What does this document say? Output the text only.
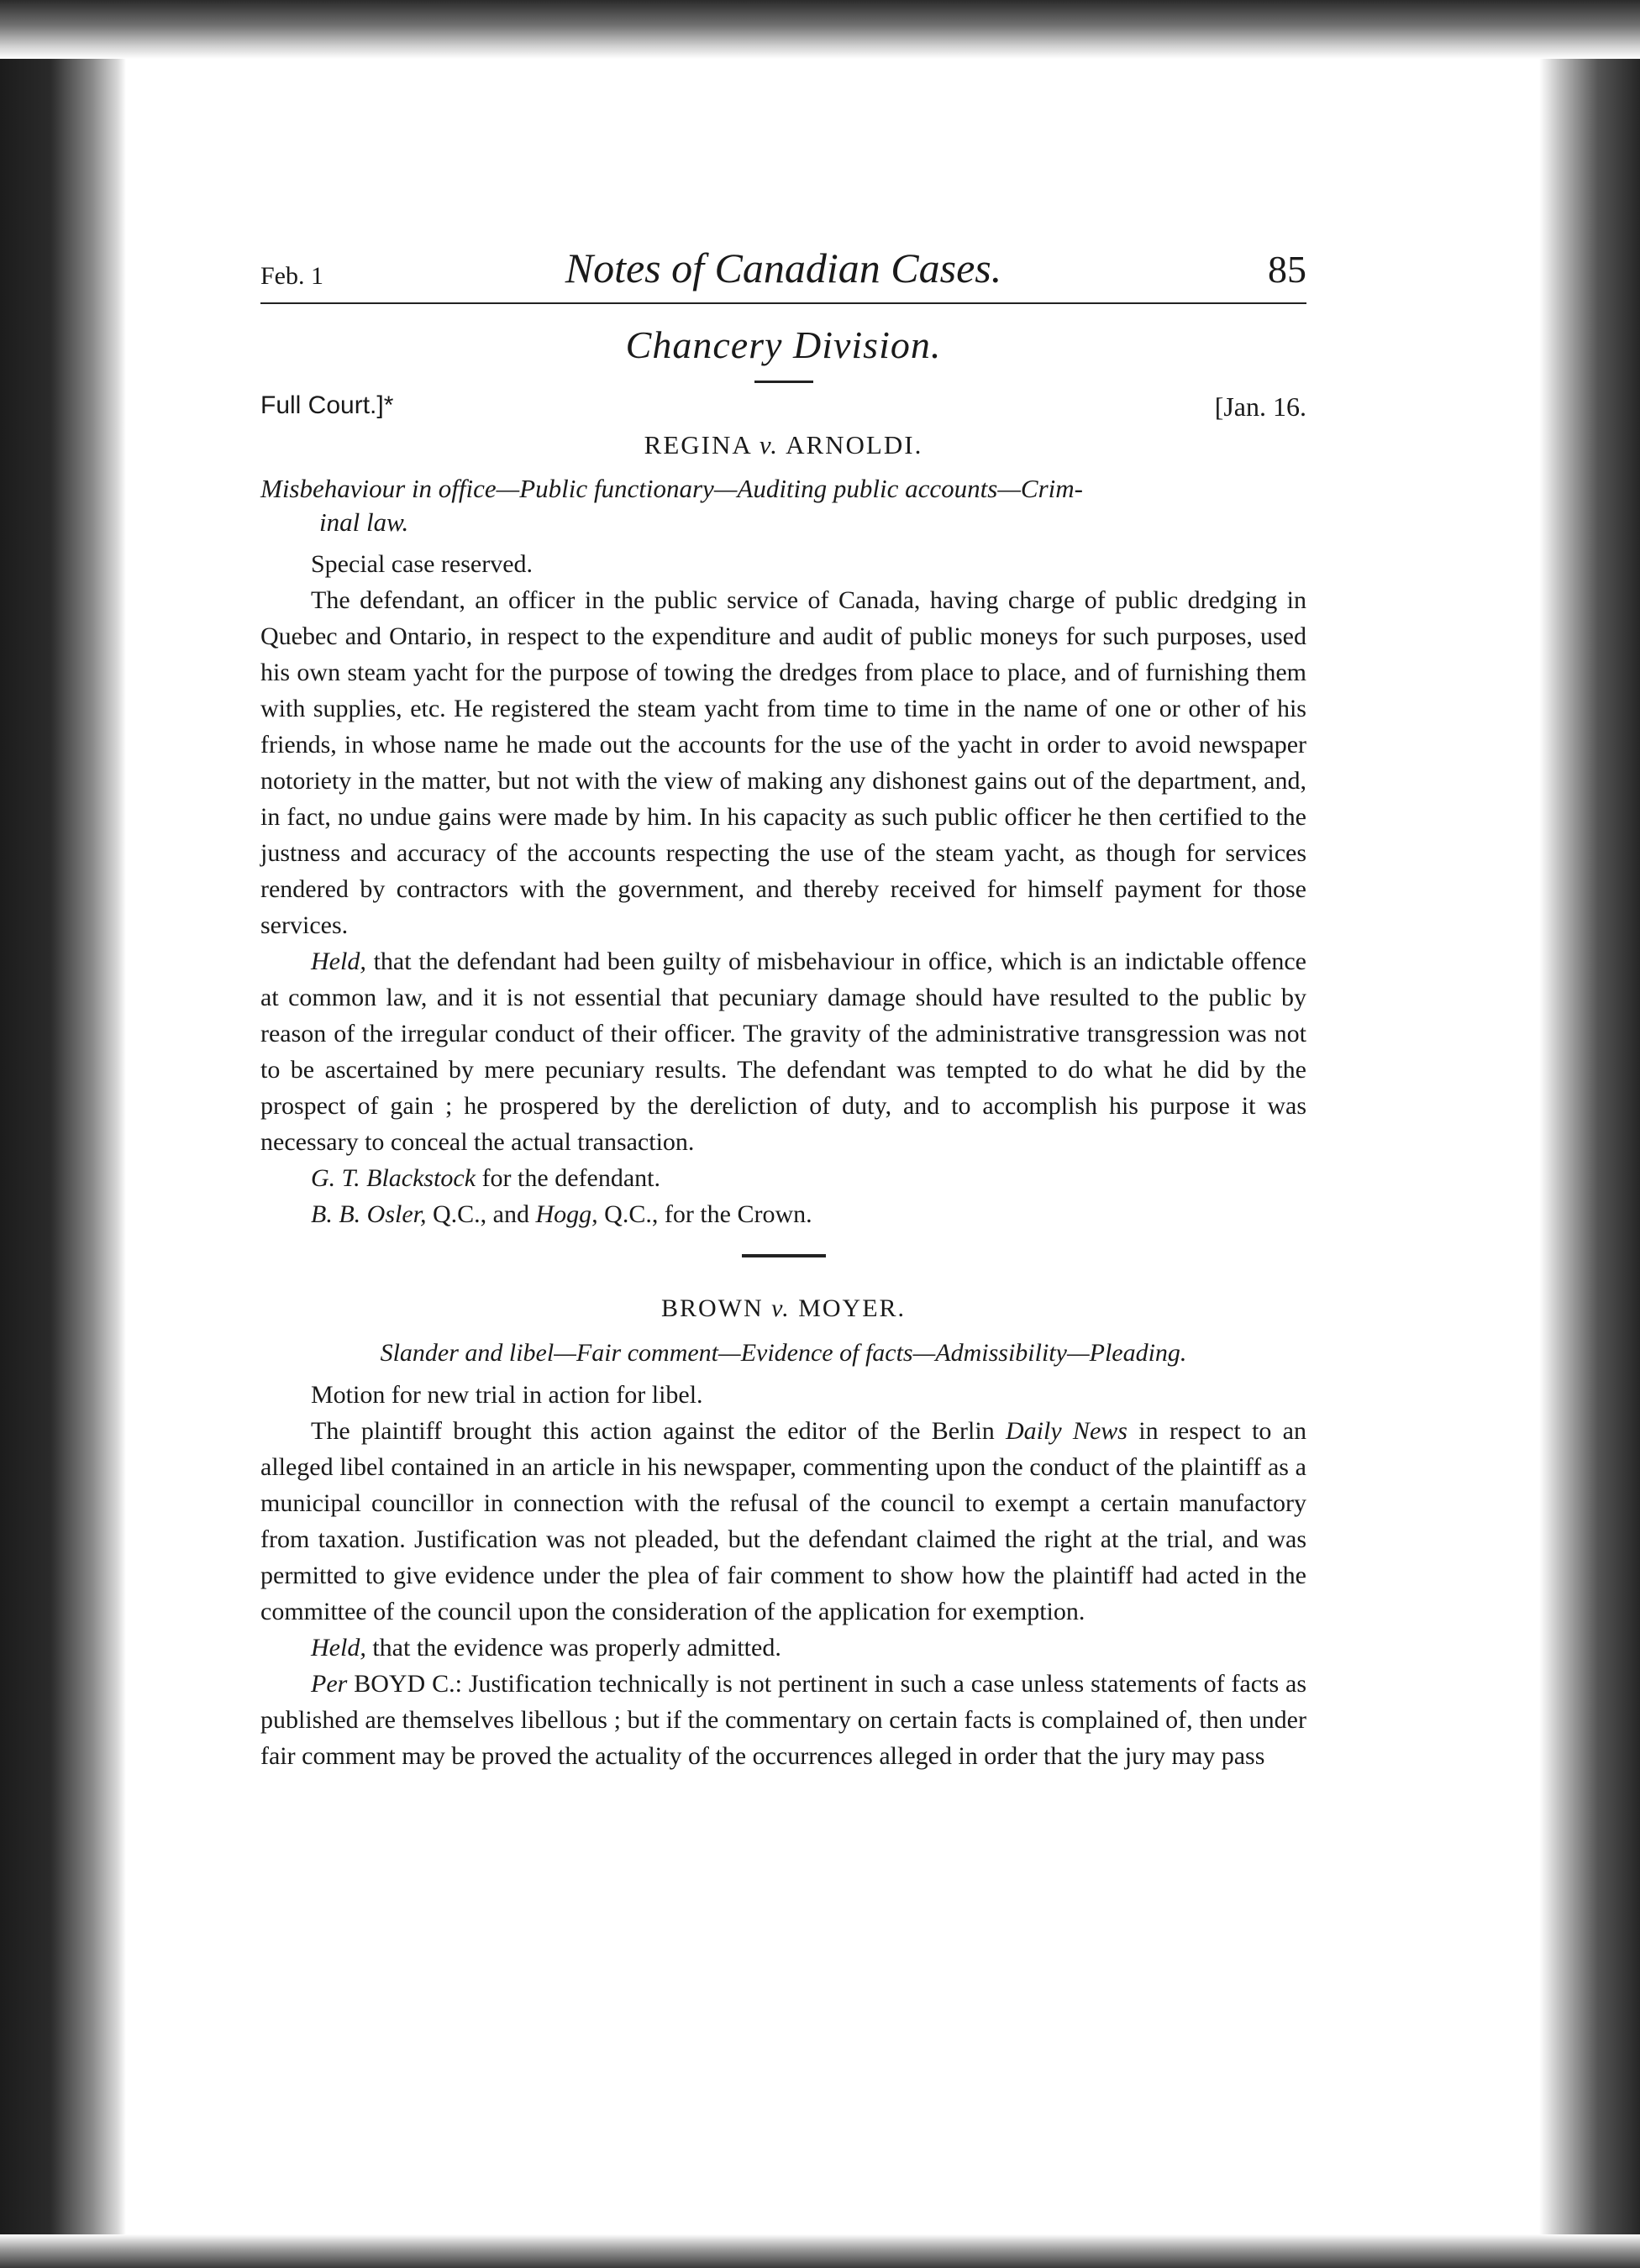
Feb. 1	Notes of Canadian Cases.	85
Chancery Division.
Full Court.]*	[Jan. 16.
REGINA v. ARNOLDI.
Misbehaviour in office—Public functionary—Auditing public accounts—Crim-
inal law.

Special case reserved.

The defendant, an officer in the public service of Canada, having charge of public dredging in Quebec and Ontario, in respect to the expenditure and audit of public moneys for such purposes, used his own steam yacht for the purpose of towing the dredges from place to place, and of furnishing them with supplies, etc. He registered the steam yacht from time to time in the name of one or other of his friends, in whose name he made out the accounts for the use of the yacht in order to avoid newspaper notoriety in the matter, but not with the view of making any dishonest gains out of the department, and, in fact, no undue gains were made by him. In his capacity as such public officer he then certified to the justness and accuracy of the accounts respecting the use of the steam yacht, as though for services rendered by contractors with the government, and thereby received for himself payment for those services.

Held, that the defendant had been guilty of misbehaviour in office, which is an indictable offence at common law, and it is not essential that pecuniary damage should have resulted to the public by reason of the irregular conduct of their officer. The gravity of the administrative transgression was not to be ascertained by mere pecuniary results. The defendant was tempted to do what he did by the prospect of gain ; he prospered by the dereliction of duty, and to accomplish his purpose it was necessary to conceal the actual transaction.

G. T. Blackstock for the defendant.

B. B. Osler, Q.C., and Hogg, Q.C., for the Crown.

BROWN v. MOYER.
Slander and libel—Fair comment—Evidence of facts—Admissibility—Pleading.

Motion for new trial in action for libel.

The plaintiff brought this action against the editor of the Berlin Daily News in respect to an alleged libel contained in an article in his newspaper, commenting upon the conduct of the plaintiff as a municipal councillor in connection with the refusal of the council to exempt a certain manufactory from taxation. Justification was not pleaded, but the defendant claimed the right at the trial, and was permitted to give evidence under the plea of fair comment to show how the plaintiff had acted in the committee of the council upon the consideration of the application for exemption.

Held, that the evidence was properly admitted.

Per BOYD C.: Justification technically is not pertinent in such a case unless statements of facts as published are themselves libellous ; but if the commentary on certain facts is complained of, then under fair comment may be proved the actuality of the occurrences alleged in order that the jury may pass
